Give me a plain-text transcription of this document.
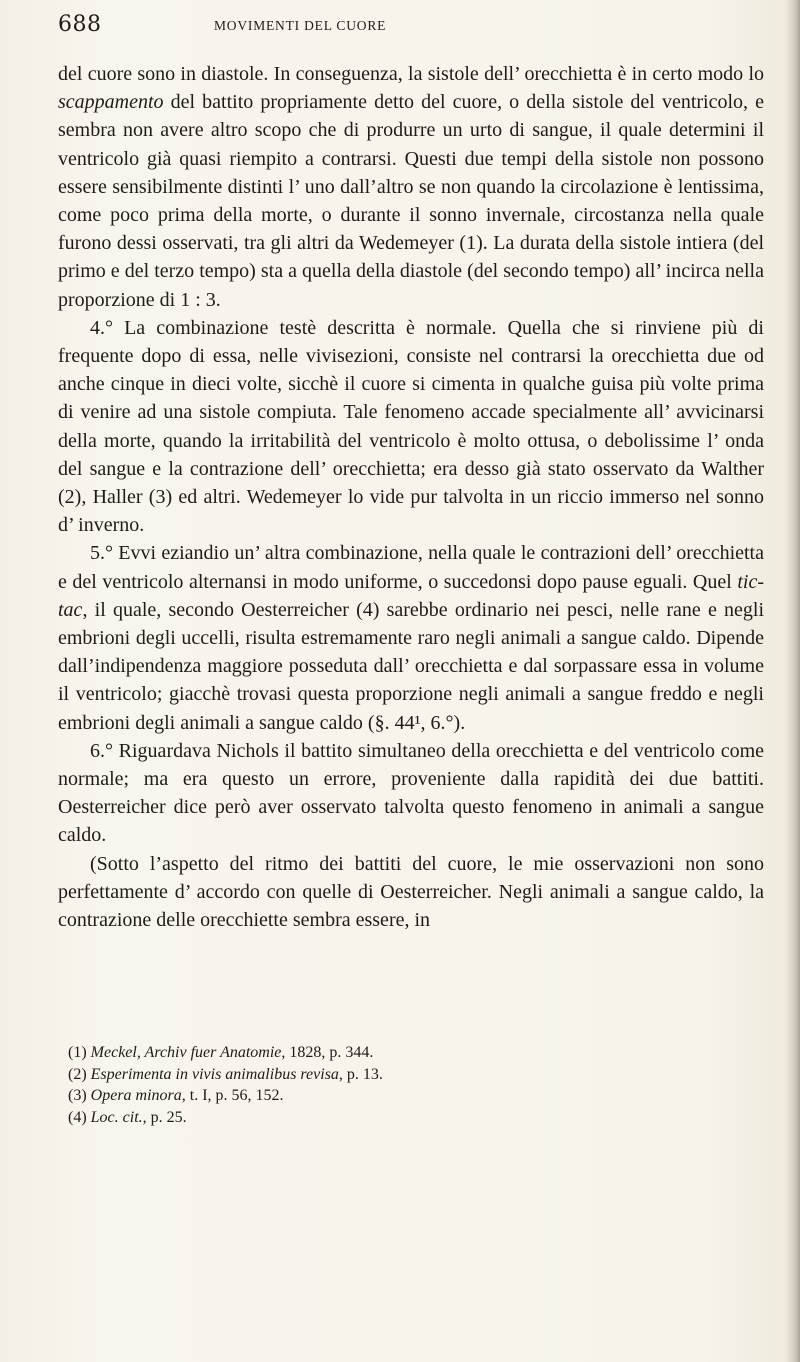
688	MOVIMENTI DEL CUORE

del cuore sono in diastole. In conseguenza, la sistole dell’ orecchietta è in certo modo lo scappamento del battito propriamente detto del cuore, o della sistole del ventricolo, e sembra non avere altro scopo che di produrre un urto di sangue, il quale determini il ventricolo già quasi riempito a contrarsi. Questi due tempi della sistole non possono essere sensibilmente distinti l’ uno dall’altro se non quando la circolazione è lentissima, come poco prima della morte, o durante il sonno invernale, circostanza nella quale furono dessi osservati, tra gli altri da Wedemeyer (1). La durata della sistole intiera (del primo e del terzo tempo) sta a quella della diastole (del secondo tempo) all’ incirca nella proporzione di 1 : 3.

4.° La combinazione testè descritta è normale. Quella che si rinviene più di frequente dopo di essa, nelle vivisezioni, consiste nel contrarsi la orecchietta due od anche cinque in dieci volte, sicchè il cuore si cimenta in qualche guisa più volte prima di venire ad una sistole compiuta. Tale fenomeno accade specialmente all’ avvicinarsi della morte, quando la irritabilità del ventricolo è molto ottusa, o debolissime l’ onda del sangue e la contrazione dell’ orecchietta; era desso già stato osservato da Walther (2), Haller (3) ed altri. Wedemeyer lo vide pur talvolta in un riccio immerso nel sonno d’ inverno.

5.° Evvi eziandio un’ altra combinazione, nella quale le contrazioni dell’ orecchietta e del ventricolo alternansi in modo uniforme, o succedonsi dopo pause eguali. Quel tic-tac, il quale, secondo Oesterreicher (4) sarebbe ordinario nei pesci, nelle rane e negli embrioni degli uccelli, risulta estremamente raro negli animali a sangue caldo. Dipende dall’indipendenza maggiore posseduta dall’ orecchietta e dal sorpassare essa in volume il ventricolo; giacchè trovasi questa proporzione negli animali a sangue freddo e negli embrioni degli animali a sangue caldo (§. 44¹, 6.°).

6.° Riguardava Nichols il battito simultaneo della orecchietta e del ventricolo come normale; ma era questo un errore, proveniente dalla rapidità dei due battiti. Oesterreicher dice però aver osservato talvolta questo fenomeno in animali a sangue caldo.

(Sotto l’aspetto del ritmo dei battiti del cuore, le mie osservazioni non sono perfettamente d’ accordo con quelle di Oesterreicher. Negli animali a sangue caldo, la contrazione delle orecchiette sembra essere, in

(1) Meckel, Archiv fuer Anatomie, 1828, p. 344.
(2) Esperimenta in vivis animalibus revisa, p. 13.
(3) Opera minora, t. I, p. 56, 152.
(4) Loc. cit., p. 25.
